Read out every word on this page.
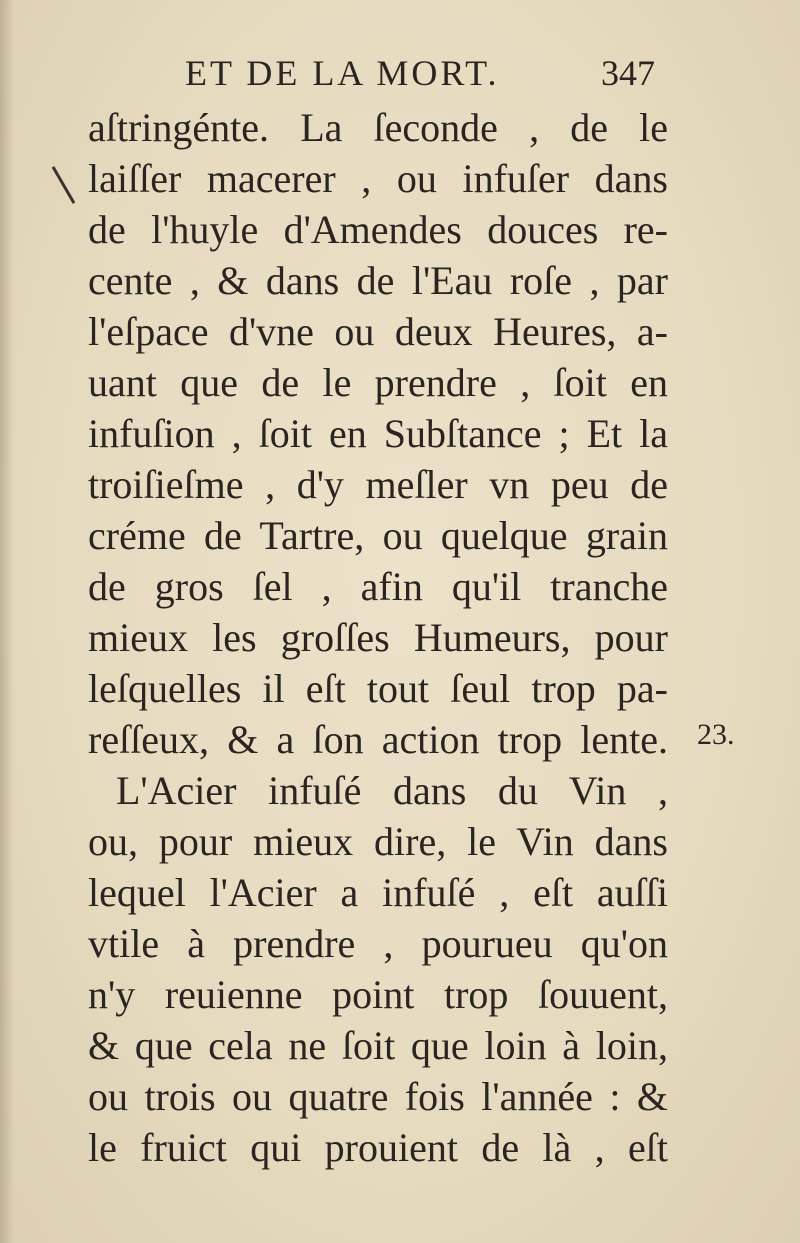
ET DE LA MORT.	347
aſtringénte. La ſeconde , de le
laiſſer macerer , ou infuſer dans
de l'huyle d'Amendes douces re-
cente , & dans de l'Eau roſe , par
l'eſpace d'vne ou deux Heures, a-
uant que de le prendre , ſoit en
infuſion , ſoit en Subſtance ; Et la
troiſieſme , d'y meſler vn peu de
créme de Tartre, ou quelque grain
de gros ſel , afin qu'il tranche
mieux les groſſes Humeurs, pour
leſquelles il eſt tout ſeul trop pa-
reſſeux, & a ſon action trop lente.
L'Acier infuſé dans du Vin ,
ou, pour mieux dire, le Vin dans
lequel l'Acier a infuſé , eſt auſſi
vtile à prendre , pourueu qu'on
n'y reuienne point trop ſouuent,
& que cela ne ſoit que loin à loin,
ou trois ou quatre fois l'année : &
le fruict qui prouient de là , eſt
23.
